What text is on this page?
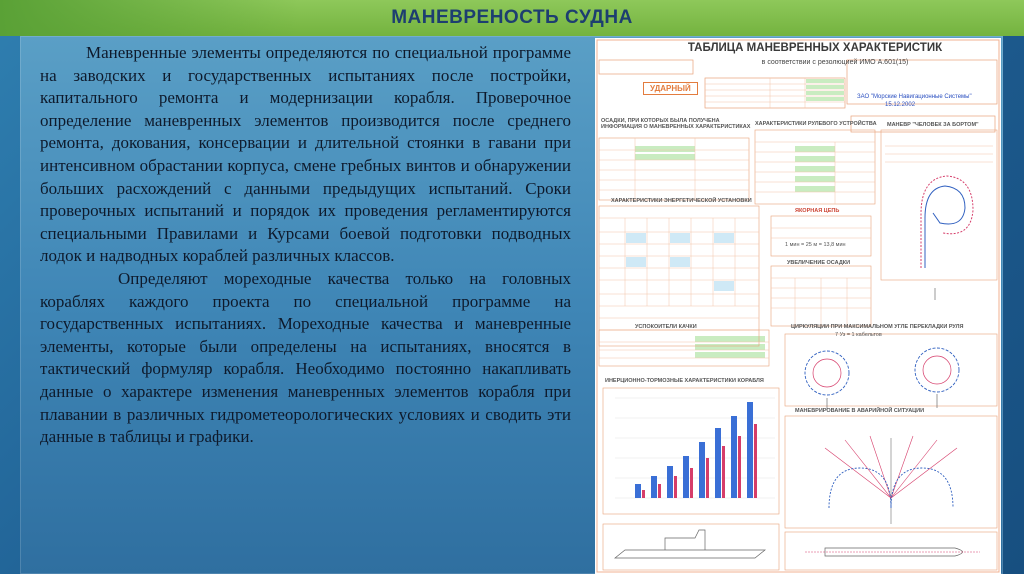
МАНЕВРЕНОСТЬ СУДНА

Маневренные элементы определяются по специальной программе на заводских и государственных испытаниях после постройки, капитального ремонта и модернизации корабля. Проверочное определение маневренных элементов производится после среднего ремонта, докования, консервации и длительной стоянки в гавани при интенсивном обрастании корпуса, смене гребных винтов и обнаружении больших расхождений с данными предыдущих испытаний. Сроки проверочных испытаний и порядок их проведения регламентируются специальными Правилами и Курсами боевой подготовки подводных лодок и надводных кораблей различных классов.

Определяют мореходные качества только на головных кораблях каждого проекта по специальной программе на государственных испытаниях. Мореходные качества и маневренные элементы, которые были определены на испытаниях, вносятся в тактический формуляр корабля. Необходимо постоянно накапливать данные о характере изменения маневренных элементов корабля при плавании в различных гидрометеорологических условиях и сводить эти данные в таблицы и графики.

ТАБЛИЦА МАНЕВРЕННЫХ ХАРАКТЕРИСТИК
в соответствии с резолюцией ИМО A.601(15)
УДАРНЫЙ
ЗАО "Морские Навигационные Системы"
15.12.2002
ОСАДКИ, ПРИ КОТОРЫХ БЫЛА ПОЛУЧЕНА ИНФОРМАЦИЯ О МАНЕВРЕННЫХ ХАРАКТЕРИСТИКАХ ХАРАКТЕРИСТИКИ РУЛЕВОГО УСТРОЙСТВА МАНЕВР "ЧЕЛОВЕК ЗА БОРТОМ"
ХАРАКТЕРИСТИКИ ЭНЕРГЕТИЧЕСКОЙ УСТАНОВКИ
ЯКОРНАЯ ЦЕПЬ
1 мин = 25 м = 13,8 мин
УВЕЛИЧЕНИЕ ОСАДКИ
ЦИРКУЛЯЦИИ ПРИ МАКСИМАЛЬНОМ УГЛЕ ПЕРЕКЛАДКИ РУЛЯ
7 Уз = 1 кабельтов
УСПОКОИТЕЛИ КАЧКИ
ИНЕРЦИОННО-ТОРМОЗНЫЕ ХАРАКТЕРИСТИКИ КОРАБЛЯ
МАНЕВРИРОВАНИЕ В АВАРИЙНОЙ СИТУАЦИИ
